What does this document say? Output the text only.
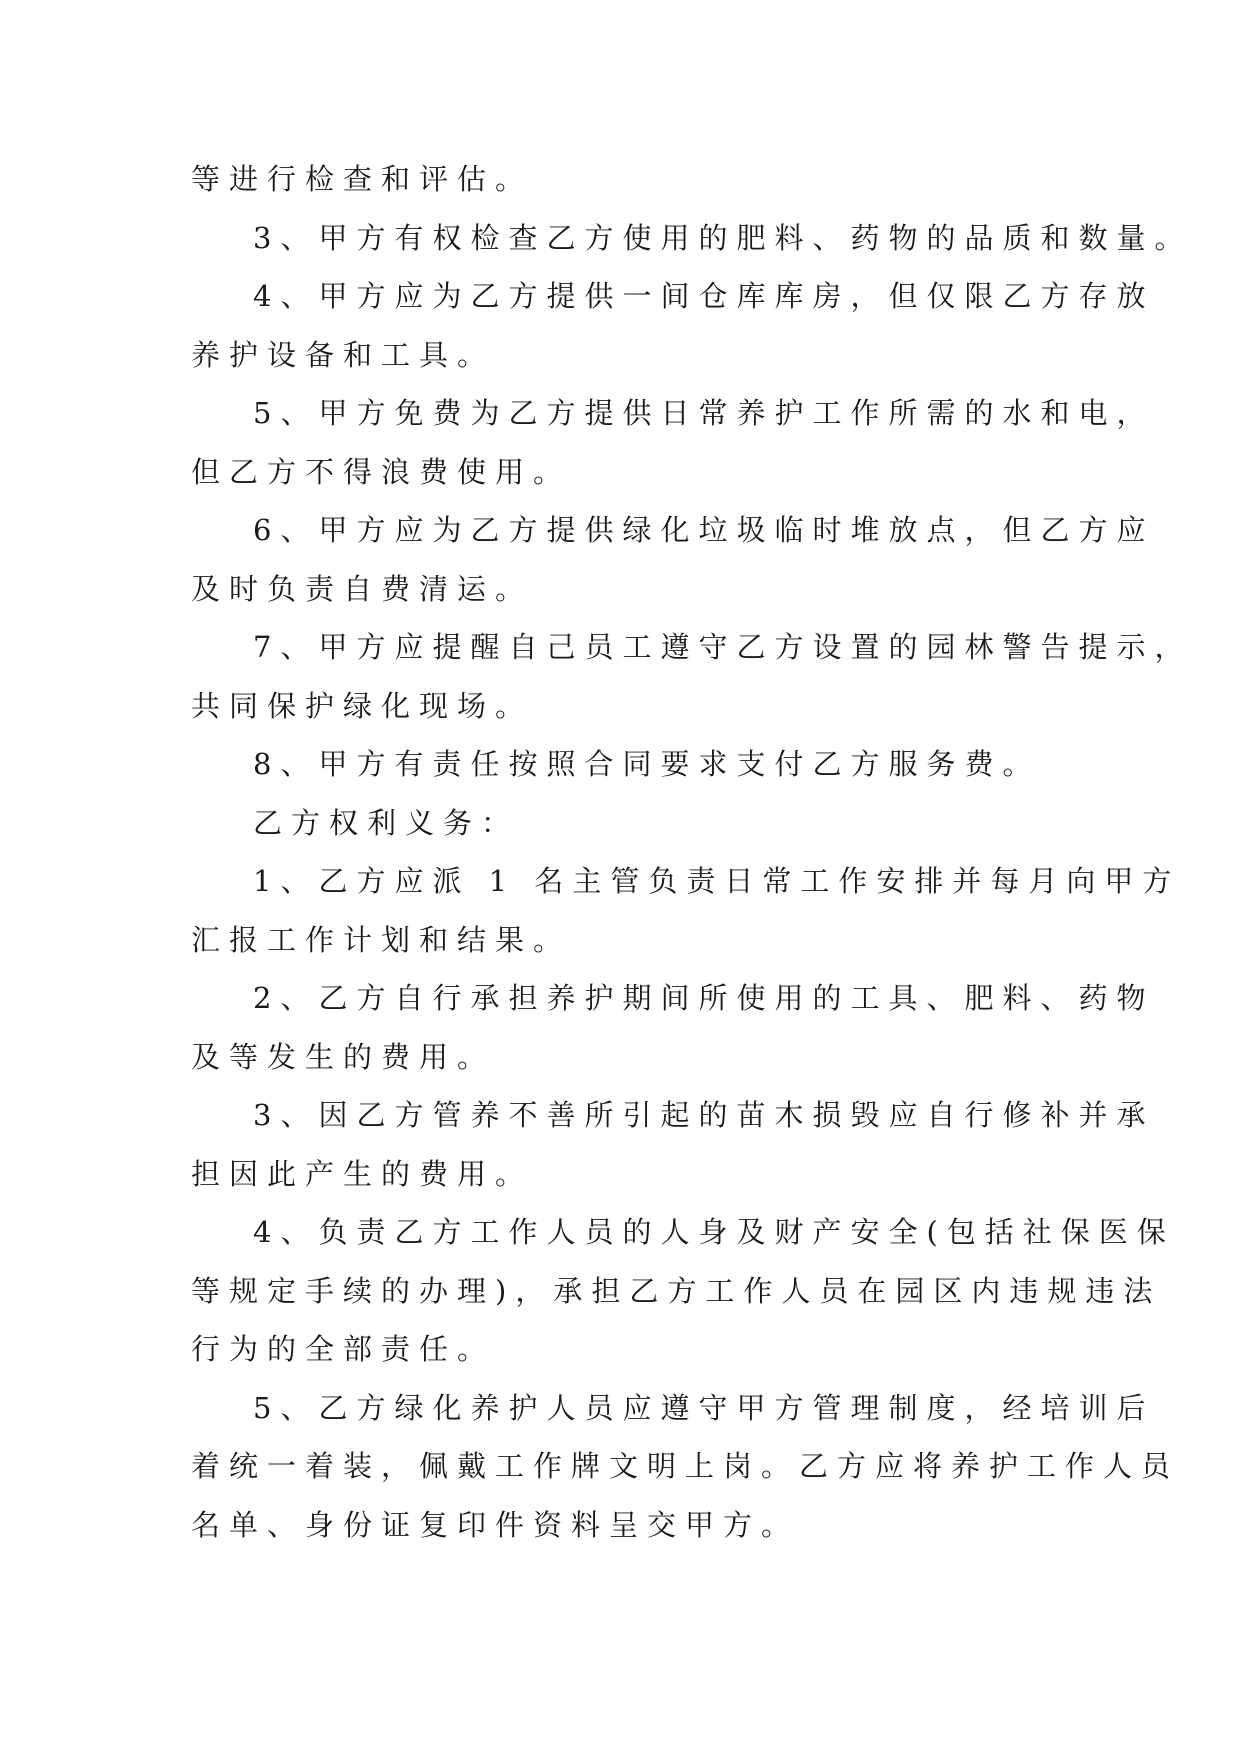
等进行检查和评估。
3、甲方有权检查乙方使用的肥料、药物的品质和数量。
4、甲方应为乙方提供一间仓库库房，但仅限乙方存放
养护设备和工具。
5、甲方免费为乙方提供日常养护工作所需的水和电，
但乙方不得浪费使用。
6、甲方应为乙方提供绿化垃圾临时堆放点，但乙方应
及时负责自费清运。
7、甲方应提醒自己员工遵守乙方设置的园林警告提示，
共同保护绿化现场。
8、甲方有责任按照合同要求支付乙方服务费。
乙方权利义务：
1、乙方应派 1 名主管负责日常工作安排并每月向甲方
汇报工作计划和结果。
2、乙方自行承担养护期间所使用的工具、肥料、药物
及等发生的费用。
3、因乙方管养不善所引起的苗木损毁应自行修补并承
担因此产生的费用。
4、负责乙方工作人员的人身及财产安全(包括社保医保
等规定手续的办理)，承担乙方工作人员在园区内违规违法
行为的全部责任。
5、乙方绿化养护人员应遵守甲方管理制度，经培训后
着统一着装，佩戴工作牌文明上岗。乙方应将养护工作人员
名单、身份证复印件资料呈交甲方。
